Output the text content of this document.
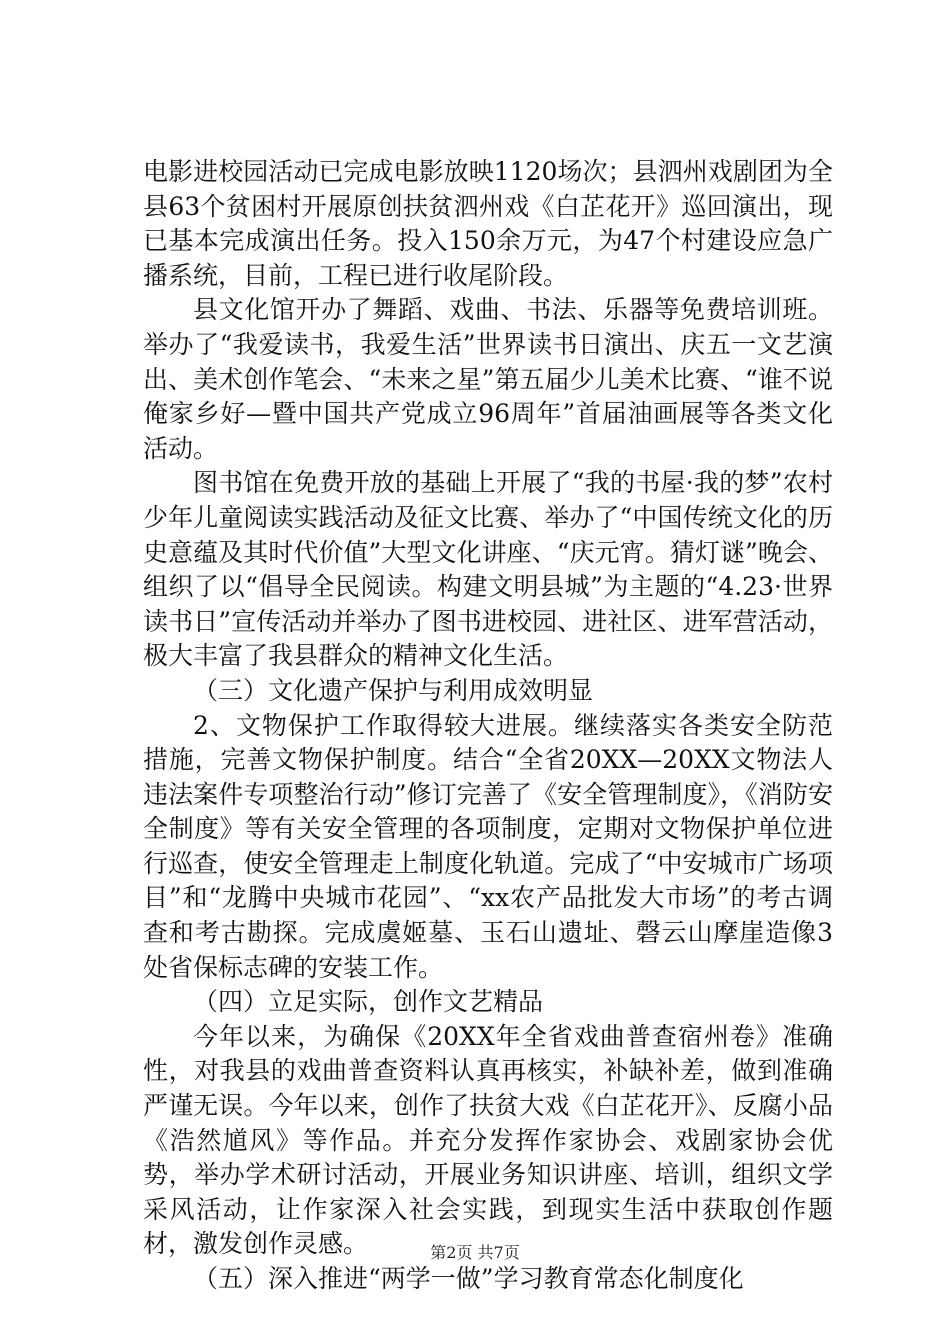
电影进校园活动已完成电影放映1120场次；县泗州戏剧团为全县63个贫困村开展原创扶贫泗州戏《白芷花开》巡回演出，现已基本完成演出任务。投入150余万元，为47个村建设应急广播系统，目前，工程已进行收尾阶段。

县文化馆开办了舞蹈、戏曲、书法、乐器等免费培训班。举办了“我爱读书，我爱生活”世界读书日演出、庆五一文艺演出、美术创作笔会、“未来之星”第五届少儿美术比赛、“谁不说俺家乡好—暨中国共产党成立96周年”首届油画展等各类文化活动。

图书馆在免费开放的基础上开展了“我的书屋·我的梦”农村少年儿童阅读实践活动及征文比赛、举办了“中国传统文化的历史意蕴及其时代价值”大型文化讲座、“庆元宵。猜灯谜”晚会、组织了以“倡导全民阅读。构建文明县城”为主题的“4.23·世界读书日”宣传活动并举办了图书进校园、进社区、进军营活动，极大丰富了我县群众的精神文化生活。

（三）文化遗产保护与利用成效明显

2、文物保护工作取得较大进展。继续落实各类安全防范措施，完善文物保护制度。结合“全省20XX—20XX文物法人违法案件专项整治行动”修订完善了《安全管理制度》，《消防安全制度》等有关安全管理的各项制度，定期对文物保护单位进行巡查，使安全管理走上制度化轨道。完成了“中安城市广场项目”和“龙腾中央城市花园”、“xx农产品批发大市场”的考古调查和考古勘探。完成虞姬墓、玉石山遗址、磬云山摩崖造像3处省保标志碑的安装工作。

（四）立足实际，创作文艺精品

今年以来，为确保《20XX年全省戏曲普查宿州卷》准确性，对我县的戏曲普查资料认真再核实，补缺补差，做到准确严谨无误。今年以来，创作了扶贫大戏《白芷花开》、反腐小品《浩然馗风》等作品。并充分发挥作家协会、戏剧家协会优势，举办学术研讨活动，开展业务知识讲座、培训，组织文学采风活动，让作家深入社会实践，到现实生活中获取创作题材，激发创作灵感。

（五）深入推进“两学一做”学习教育常态化制度化

第2页 共7页
